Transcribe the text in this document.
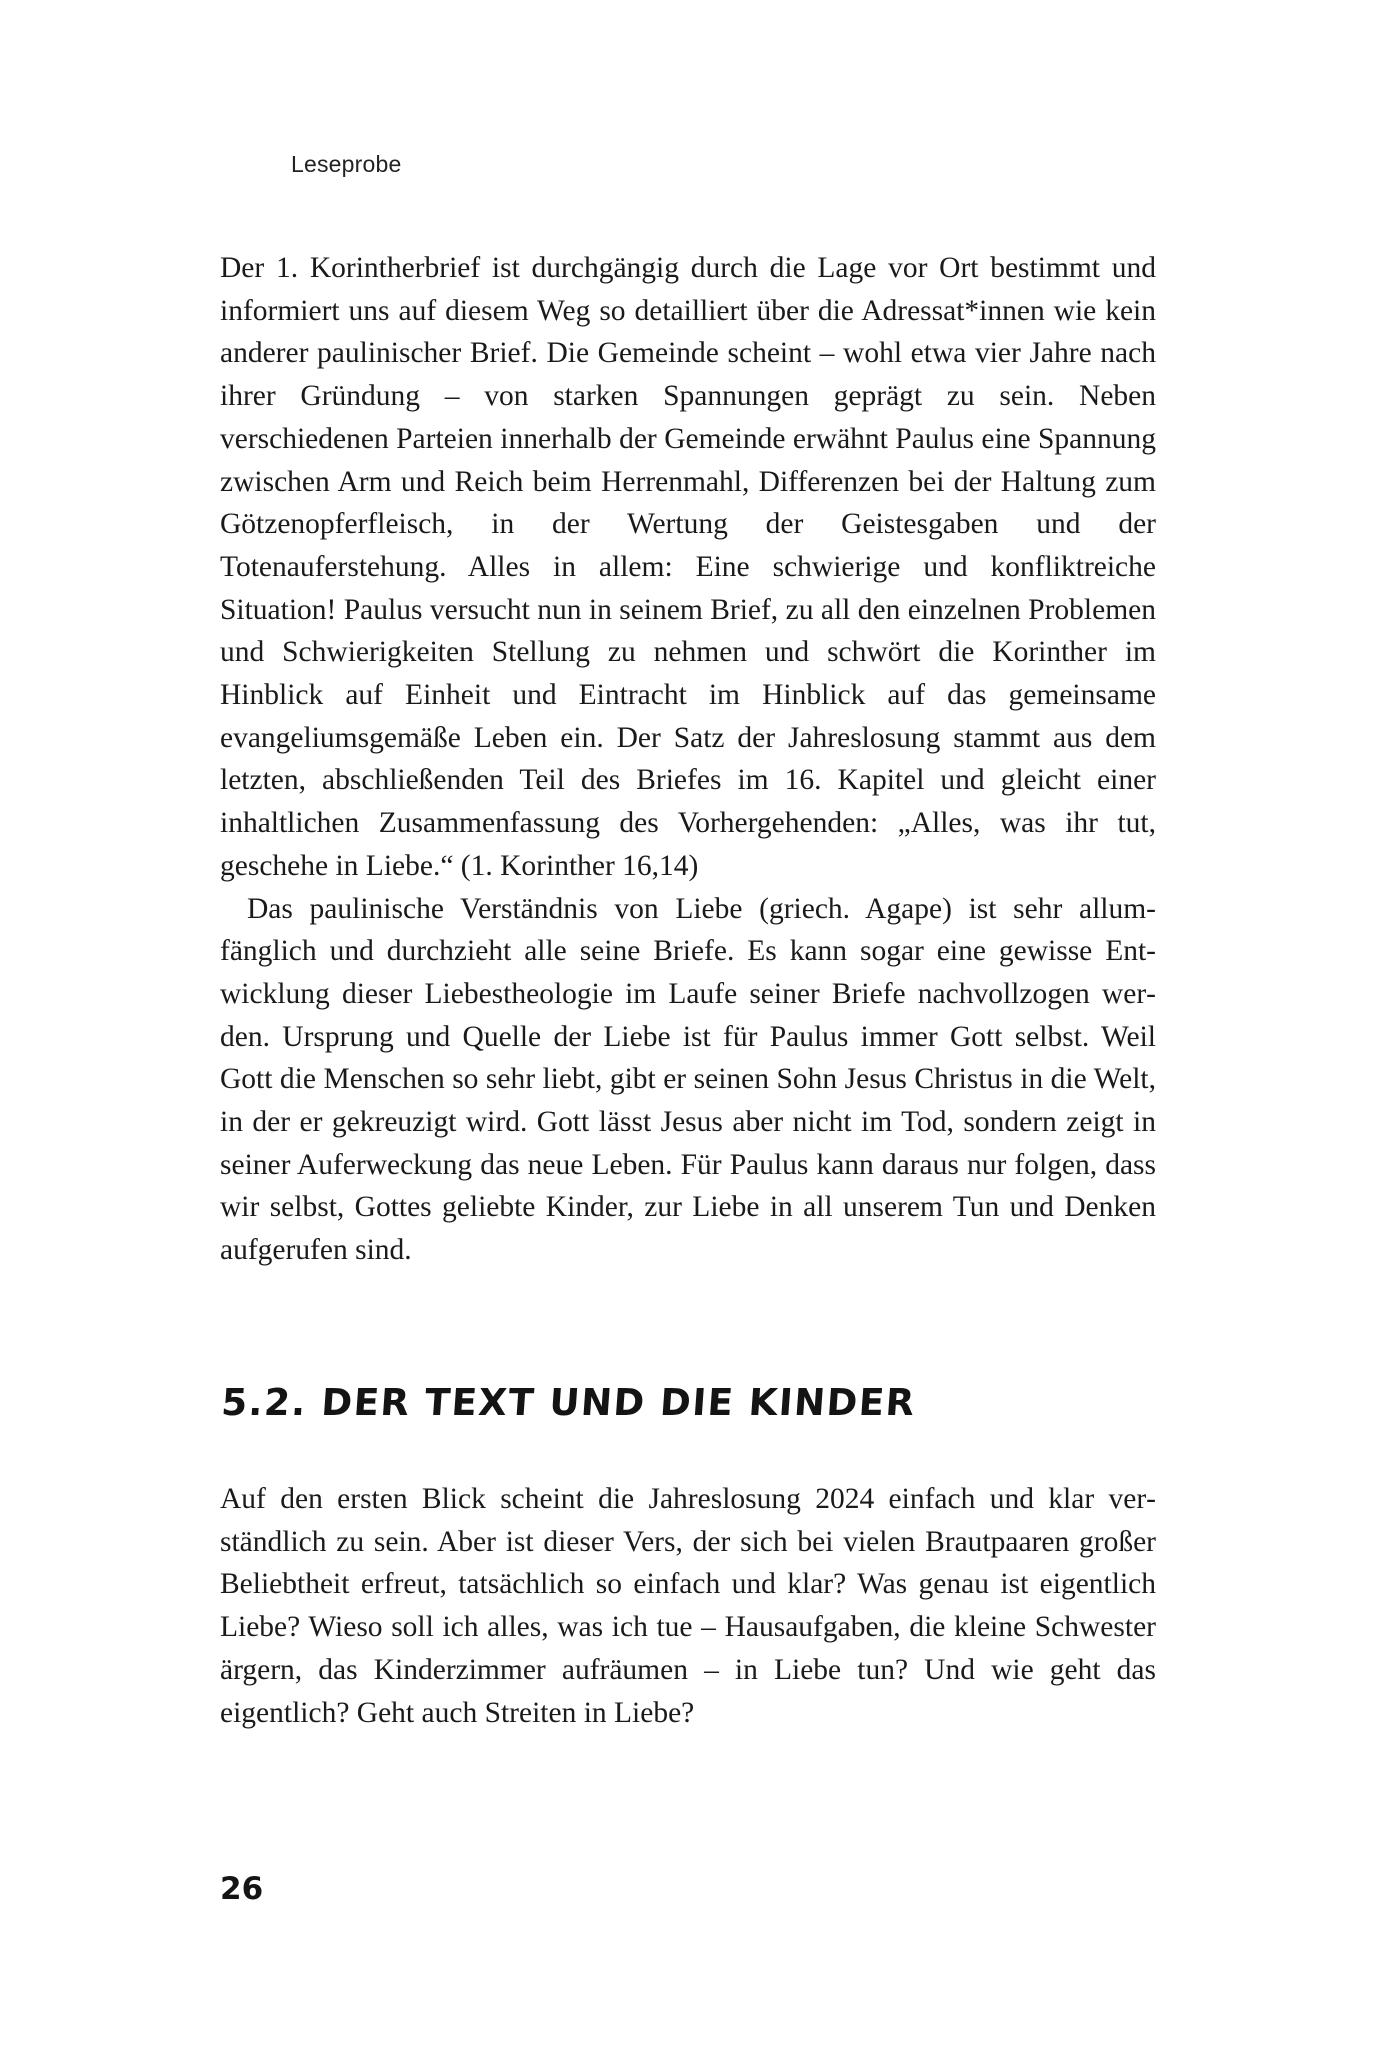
Leseprobe

Der 1. Korintherbrief ist durchgängig durch die Lage vor Ort bestimmt und informiert uns auf diesem Weg so detailliert über die Adressat*innen wie kein anderer paulinischer Brief. Die Gemeinde scheint – wohl etwa vier Jahre nach ihrer Gründung – von starken Spannungen geprägt zu sein. Neben verschiedenen Parteien innerhalb der Gemeinde erwähnt Paulus eine Spannung zwischen Arm und Reich beim Herrenmahl, Differenzen bei der Haltung zum Götzenopferfleisch, in der Wertung der Geistesgaben und der Totenauferstehung. Alles in allem: Eine schwierige und konfliktreiche Situation! Paulus versucht nun in seinem Brief, zu all den einzelnen Problemen und Schwierigkeiten Stellung zu nehmen und schwört die Korinther im Hinblick auf Einheit und Eintracht im Hinblick auf das gemeinsame evangeliumsgemäße Leben ein. Der Satz der Jahreslosung stammt aus dem letzten, abschließenden Teil des Briefes im 16. Kapitel und gleicht einer inhaltlichen Zusammenfassung des Vorhergehenden: „Alles, was ihr tut, geschehe in Liebe.“ (1. Korinther 16,14)

Das paulinische Verständnis von Liebe (griech. Agape) ist sehr allumfänglich und durchzieht alle seine Briefe. Es kann sogar eine gewisse Entwicklung dieser Liebestheologie im Laufe seiner Briefe nachvollzogen werden. Ursprung und Quelle der Liebe ist für Paulus immer Gott selbst. Weil Gott die Menschen so sehr liebt, gibt er seinen Sohn Jesus Christus in die Welt, in der er gekreuzigt wird. Gott lässt Jesus aber nicht im Tod, sondern zeigt in seiner Auferweckung das neue Leben. Für Paulus kann daraus nur folgen, dass wir selbst, Gottes geliebte Kinder, zur Liebe in all unserem Tun und Denken aufgerufen sind.

5.2. DER TEXT UND DIE KINDER

Auf den ersten Blick scheint die Jahreslosung 2024 einfach und klar verständlich zu sein. Aber ist dieser Vers, der sich bei vielen Brautpaaren großer Beliebtheit erfreut, tatsächlich so einfach und klar? Was genau ist eigentlich Liebe? Wieso soll ich alles, was ich tue – Hausaufgaben, die kleine Schwester ärgern, das Kinderzimmer aufräumen – in Liebe tun? Und wie geht das eigentlich? Geht auch Streiten in Liebe?

26
